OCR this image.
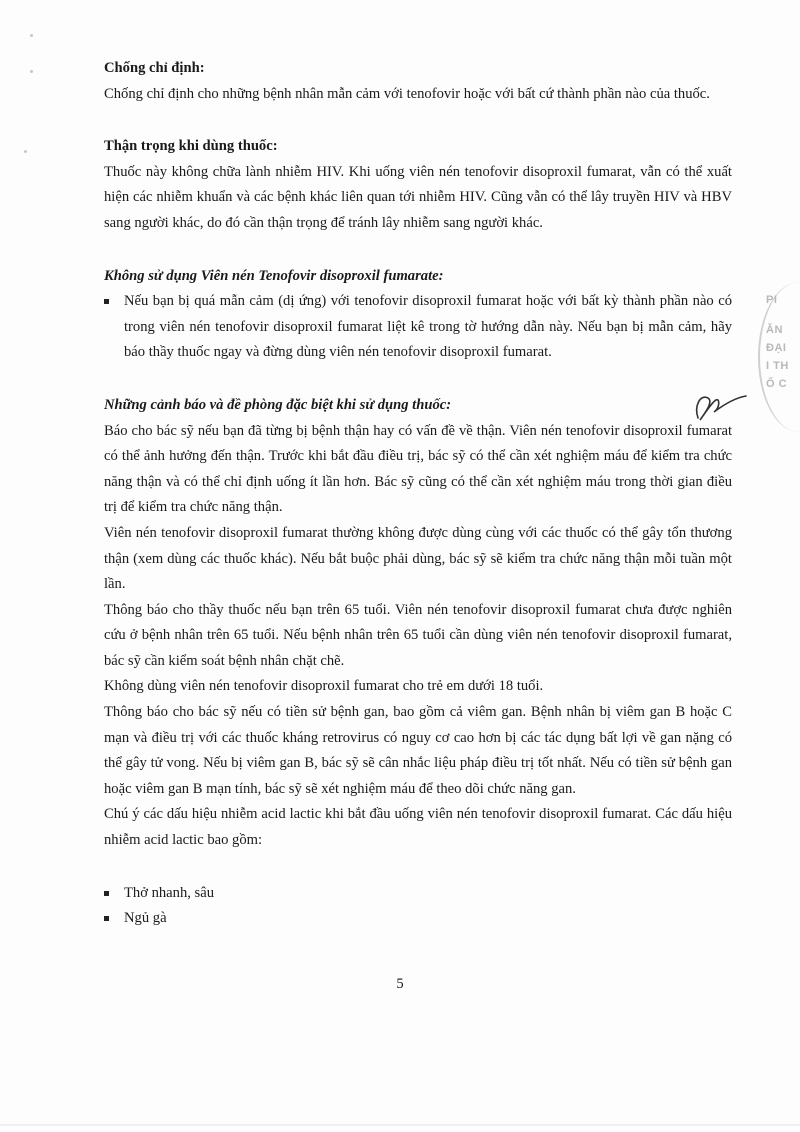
Chống chỉ định:

Chống chỉ định cho những bệnh nhân mẫn cảm với tenofovir hoặc với bất cứ thành phần nào của thuốc.

Thận trọng khi dùng thuốc:

Thuốc này không chữa lành nhiễm HIV. Khi uống viên nén tenofovir disoproxil fumarat, vẫn có thể xuất hiện các nhiễm khuẩn và các bệnh khác liên quan tới nhiễm HIV. Cũng vẫn có thể lây truyền HIV và HBV sang người khác, do đó cần thận trọng để tránh lây nhiễm sang người khác.

Không sử dụng Viên nén Tenofovir disoproxil fumarate:

Nếu bạn bị quá mẫn cảm (dị ứng) với tenofovir disoproxil fumarat hoặc với bất kỳ thành phần nào có trong viên nén tenofovir disoproxil fumarat liệt kê trong tờ hướng dẫn này. Nếu bạn bị mẫn cảm, hãy báo thầy thuốc ngay và đừng dùng viên nén tenofovir disoproxil fumarat.

Những cảnh báo và đề phòng đặc biệt khi sử dụng thuốc:

Báo cho bác sỹ nếu bạn đã từng bị bệnh thận hay có vấn đề về thận. Viên nén tenofovir disoproxil fumarat có thể ảnh hưởng đến thận. Trước khi bắt đầu điều trị, bác sỹ có thể cần xét nghiệm máu để kiểm tra chức năng thận và có thể chỉ định uống ít lần hơn. Bác sỹ cũng có thể cần xét nghiệm máu trong thời gian điều trị để kiểm tra chức năng thận.

Viên nén tenofovir disoproxil fumarat thường không được dùng cùng với các thuốc có thể gây tổn thương thận (xem dùng các thuốc khác). Nếu bắt buộc phải dùng, bác sỹ sẽ kiểm tra chức năng thận mỗi tuần một lần.

Thông báo cho thầy thuốc nếu bạn trên 65 tuổi. Viên nén tenofovir disoproxil fumarat chưa được nghiên cứu ở bệnh nhân trên 65 tuổi. Nếu bệnh nhân trên 65 tuổi cần dùng viên nén tenofovir disoproxil fumarat, bác sỹ cần kiểm soát bệnh nhân chặt chẽ.

Không dùng viên nén tenofovir disoproxil fumarat cho trẻ em dưới 18 tuổi.

Thông báo cho bác sỹ nếu có tiền sử bệnh gan, bao gồm cả viêm gan. Bệnh nhân bị viêm gan B hoặc C mạn và điều trị với các thuốc kháng retrovirus có nguy cơ cao hơn bị các tác dụng bất lợi về gan nặng có thể gây tử vong. Nếu bị viêm gan B, bác sỹ sẽ cân nhắc liệu pháp điều trị tốt nhất. Nếu có tiền sử bệnh gan hoặc viêm gan B mạn tính, bác sỹ sẽ xét nghiệm máu để theo dõi chức năng gan.

Chú ý các dấu hiệu nhiễm acid lactic khi bắt đầu uống viên nén tenofovir disoproxil fumarat. Các dấu hiệu nhiễm acid lactic bao gồm:

Thở nhanh, sâu
Ngủ gà
PI
ĂN
ĐẠI
I TH
Ố C
5
